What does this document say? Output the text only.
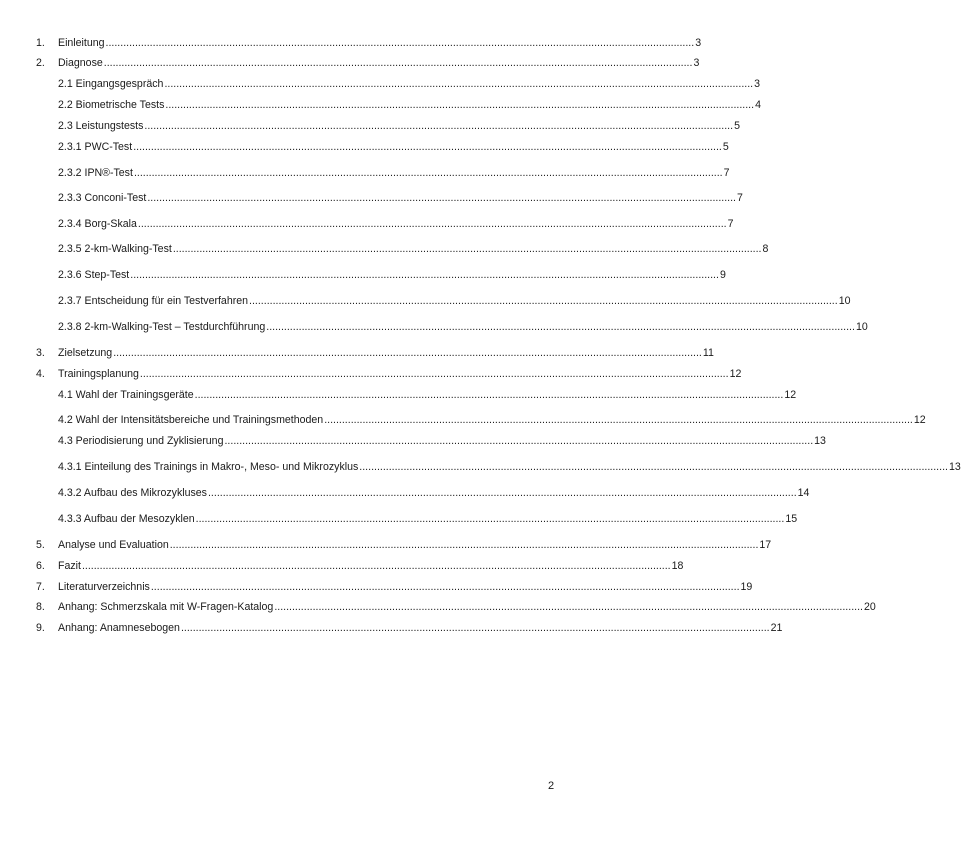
1.	Einleitung ........................................................................................................................................................................................................ 3
2.	Diagnose ........................................................................................................................................................................................................ 3
2.1 Eingangsgespräch ........................................................................................................................................................................................................ 3
2.2 Biometrische Tests ........................................................................................................................................................................................................ 4
2.3 Leistungstests ........................................................................................................................................................................................................ 5
2.3.1 PWC-Test ........................................................................................................................................................................................................ 5
2.3.2 IPN®-Test ........................................................................................................................................................................................................ 7
2.3.3 Conconi-Test ........................................................................................................................................................................................................ 7
2.3.4 Borg-Skala ........................................................................................................................................................................................................ 7
2.3.5 2-km-Walking-Test ........................................................................................................................................................................................................ 8
2.3.6 Step-Test ........................................................................................................................................................................................................ 9
2.3.7 Entscheidung für ein Testverfahren ........................................................................................................................................................................................................ 10
2.3.8 2-km-Walking-Test – Testdurchführung ........................................................................................................................................................................................................ 10
3.	Zielsetzung ........................................................................................................................................................................................................ 11
4.	Trainingsplanung ........................................................................................................................................................................................................ 12
4.1 Wahl der Trainingsgeräte ........................................................................................................................................................................................................ 12
4.2 Wahl der Intensitätsbereiche und Trainingsmethoden ........................................................................................................................................................................................................ 12
4.3 Periodisierung und Zyklisierung ........................................................................................................................................................................................................ 13
4.3.1 Einteilung des Trainings in Makro-, Meso- und Mikrozyklus ........................................................................................................................................................................................................ 13
4.3.2 Aufbau des Mikrozykluses ........................................................................................................................................................................................................ 14
4.3.3 Aufbau der Mesozyklen ........................................................................................................................................................................................................ 15
5.	Analyse und Evaluation ........................................................................................................................................................................................................ 17
6.	Fazit ........................................................................................................................................................................................................ 18
7.	Literaturverzeichnis ........................................................................................................................................................................................................ 19
8.	Anhang: Schmerzskala mit W-Fragen-Katalog ........................................................................................................................................................................................................ 20
9.	Anhang: Anamnesebogen ........................................................................................................................................................................................................ 21
2
